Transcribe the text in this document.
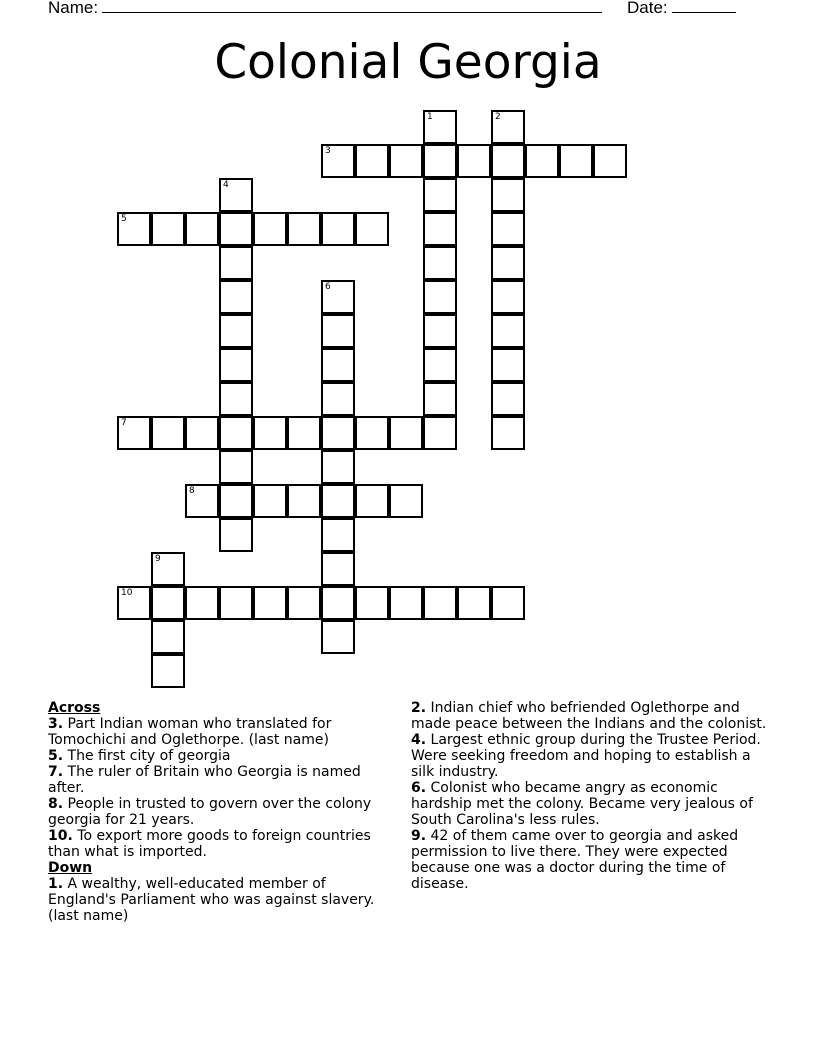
Name:	Date:
Colonial Georgia
3
5
7
8
10
1	2
4
6
9
Across
3. Part Indian woman who translated for Tomochichi and Oglethorpe. (last name)
5. The first city of georgia
7. The ruler of Britain who Georgia is named after.
8. People in trusted to govern over the colony georgia for 21 years.
10. To export more goods to foreign countries than what is imported.
Down
1. A wealthy, well-educated member of England's Parliament who was against slavery. (last name)
2. Indian chief who befriended Oglethorpe and made peace between the Indians and the colonist.
4. Largest ethnic group during the Trustee Period. Were seeking freedom and hoping to establish a silk industry.
6. Colonist who became angry as economic hardship met the colony. Became very jealous of South Carolina's less rules.
9. 42 of them came over to georgia and asked permission to live there. They were expected because one was a doctor during the time of disease.
